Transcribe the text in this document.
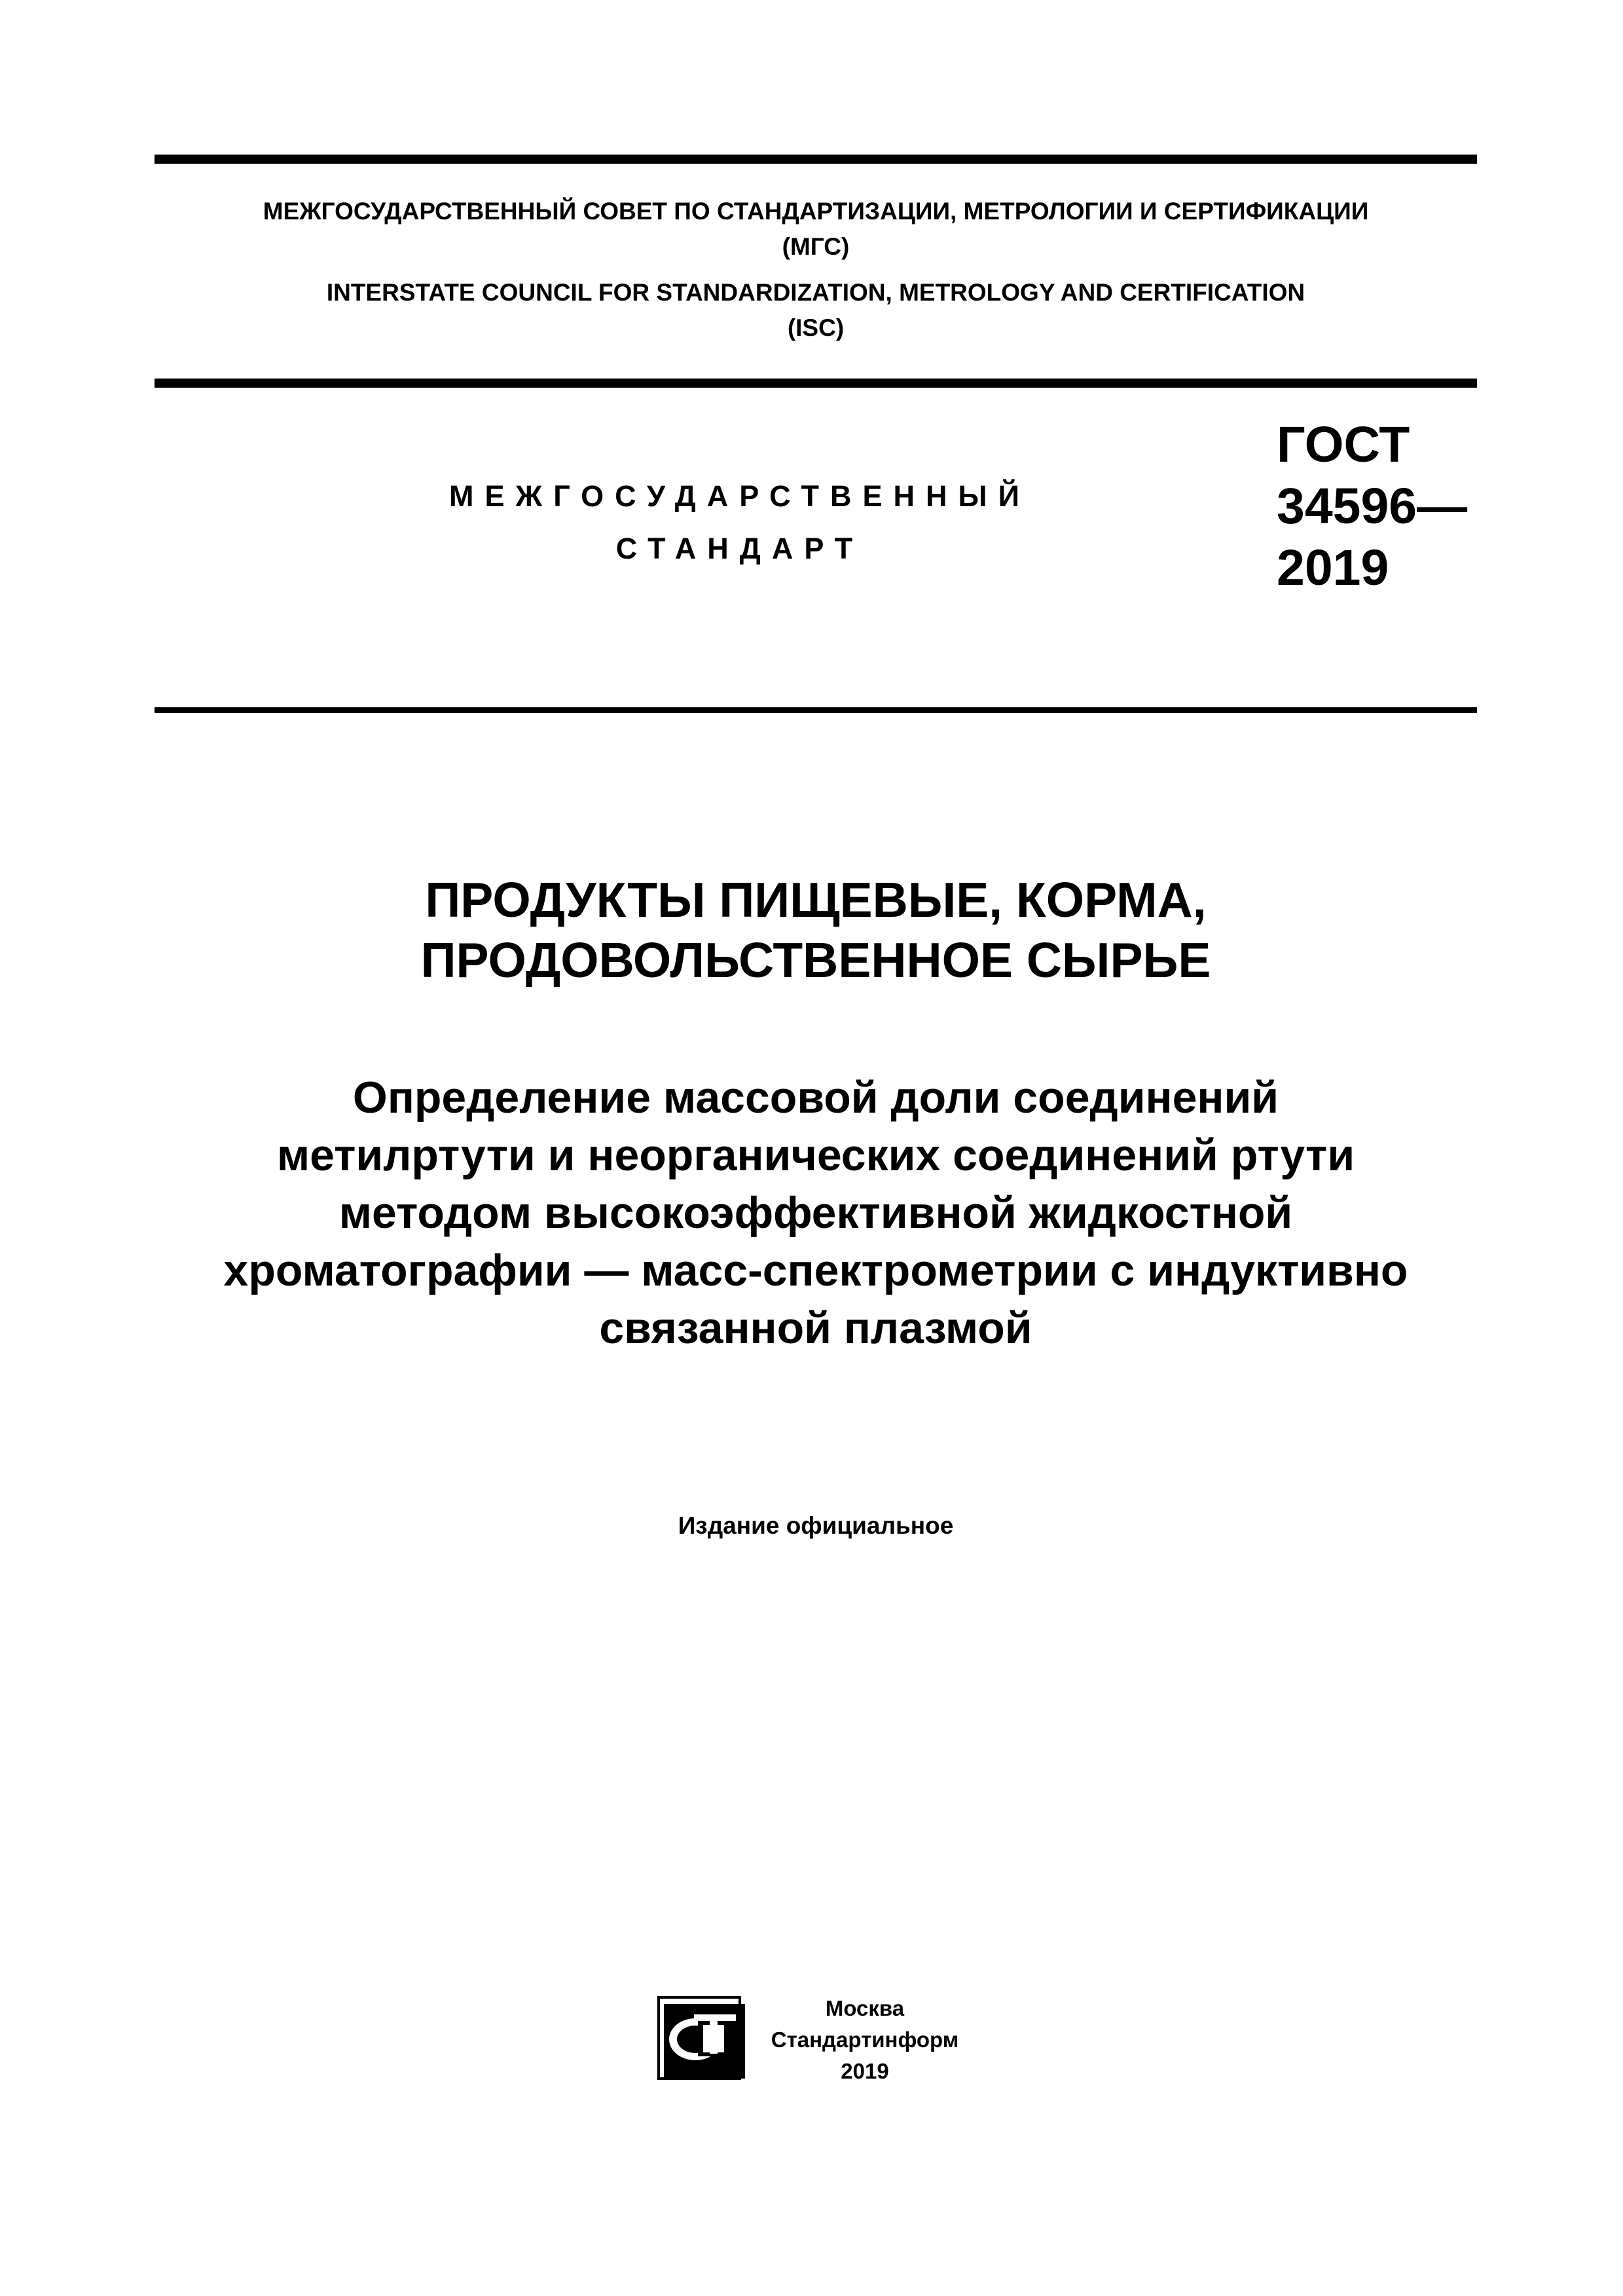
МЕЖГОСУДАРСТВЕННЫЙ СОВЕТ ПО СТАНДАРТИЗАЦИИ, МЕТРОЛОГИИ И СЕРТИФИКАЦИИ
(МГС)
INTERSTATE COUNCIL FOR STANDARDIZATION, METROLOGY AND CERTIFICATION
(ISC)
МЕЖГОСУДАРСТВЕННЫЙ
СТАНДАРТ
ГОСТ
34596—
2019
ПРОДУКТЫ ПИЩЕВЫЕ, КОРМА,
ПРОДОВОЛЬСТВЕННОЕ СЫРЬЕ
Определение массовой доли соединений
метилртути и неорганических соединений ртути
методом высокоэффективной жидкостной
хроматографии — масс-спектрометрии с индуктивно
связанной плазмой
Издание официальное
Москва
Стандартинформ
2019
